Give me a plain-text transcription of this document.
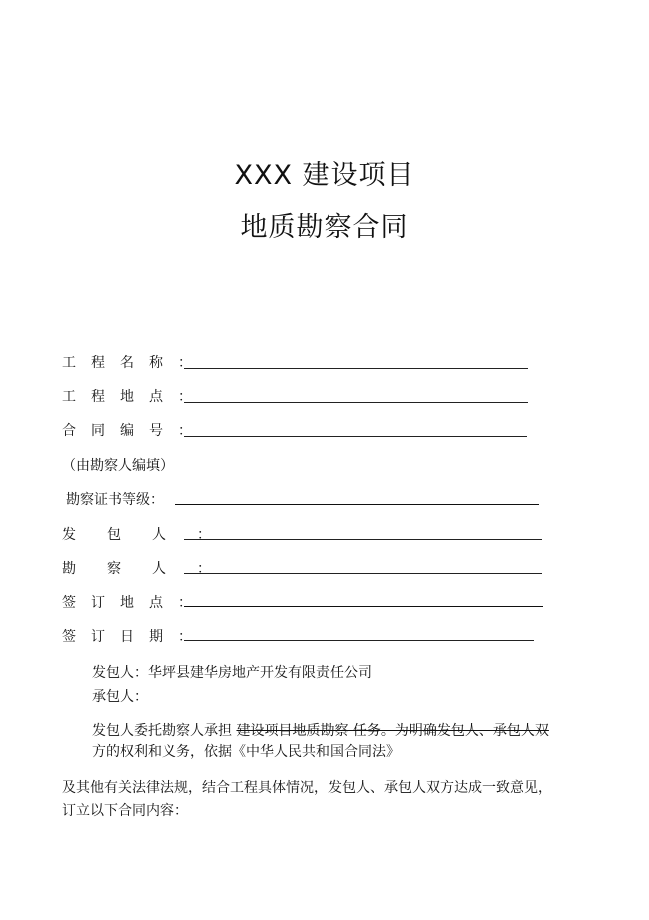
XXX 建设项目
地质勘察合同
工程名称：
工程地点：
合同编号：
（由勘察人编填）
勘察证书等级：
发包人：
勘察人：
签订地点：
签订日期：
发包人：华坪县建华房地产开发有限责任公司
承包人：
发包人委托勘察人承担 建设项目地质勘察 任务。为明确发包人、承包人双
方的权利和义务，依据《中华人民共和国合同法》
及其他有关法律法规，结合工程具体情况，发包人、承包人双方达成一致意见，
订立以下合同内容：
